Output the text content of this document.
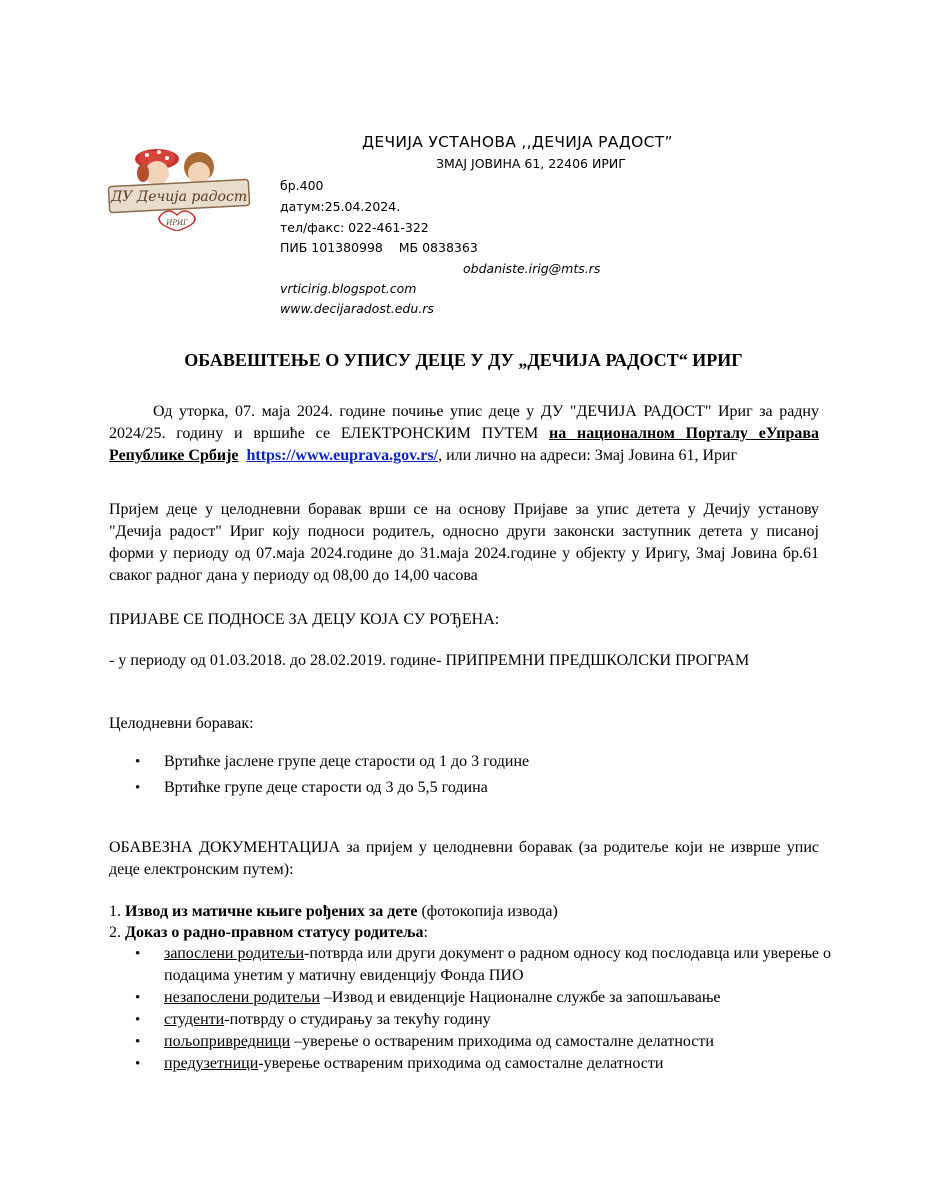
ДУ Дечија радост
ИРИГ
ДЕЧИЈА УСТАНОВА ,,ДЕЧИЈА РАДОСТ”
ЗМАЈ ЈОВИНА 61, 22406 ИРИГ
бр.400
датум:25.04.2024.
тел/факс: 022-461-322
ПИБ 101380998    МБ 0838363
obdaniste.irig@mts.rs
vrticirig.blogspot.com
www.decijaradost.edu.rs
ОБАВЕШТЕЊЕ О УПИСУ ДЕЦЕ У ДУ „ДЕЧИЈА РАДОСТ“ ИРИГ
Од уторка, 07. маја 2024. године почиње упис деце у ДУ "ДЕЧИЈА РАДОСТ" Ириг за радну 2024/25. годину и вршиће се ЕЛЕКТРОНСКИМ ПУТЕМ на националном Порталу еУправа Републике Србије https://www.euprava.gov.rs/, или лично на адреси: Змај Јовина 61, Ириг
Пријем деце у целодневни боравак врши се на основу Пријаве за упис детета у Дечију установу "Дечија радост" Ириг коју подноси родитељ, односно други законски заступник детета у писаној форми у периоду од 07.маја 2024.године до 31.маја 2024.године у објекту у Иригу, Змај Јовина бр.61 сваког радног дана у периоду од 08,00 до 14,00 часова
ПРИЈАВЕ СЕ ПОДНОСЕ ЗА ДЕЦУ КОЈА СУ РОЂЕНА:
- у периоду од 01.03.2018. до 28.02.2019. године- ПРИПРЕМНИ ПРЕДШКОЛСКИ ПРОГРАМ
Целодневни боравак:
• Вртићке јаслене групе деце старости од 1 до 3 године
• Вртићке групе деце старости од 3 до 5,5 година
ОБАВЕЗНА ДОКУМЕНТАЦИЈА за пријем у целодневни боравак (за родитеље који не изврше упис деце електронским путем):
1. Извод из матичне књиге рођених за дете (фотокопија извода)
2. Доказ о радно-правном статусу родитеља:
• запослени родитељи-потврда или други документ о радном односу код послодавца или уверење о подацима унетим у матичну евиденцију Фонда ПИО
• незапослени родитељи –Извод и евиденције Националне службе за запошљавање
• студенти-потврду о студирању за текућу годину
• пољопривредници –уверење о оствареним приходима од самосталне делатности
• предузетници-уверење оствареним приходима од самосталне делатности
